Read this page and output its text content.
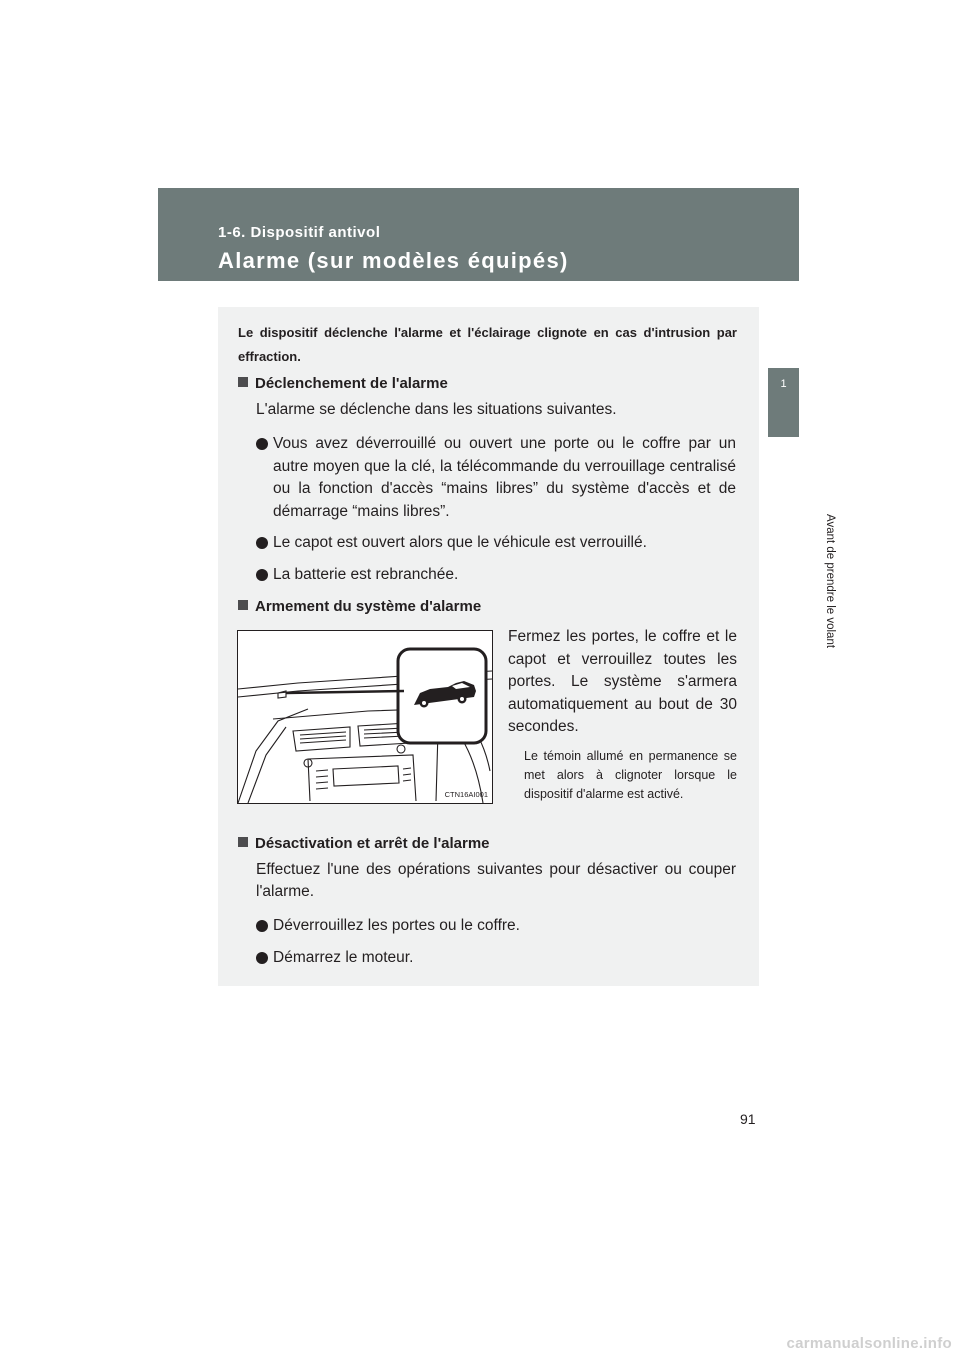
1-6. Dispositif antivol
Alarme (sur modèles équipés)
1
Avant de prendre le volant
Le dispositif déclenche l'alarme et l'éclairage clignote en cas d'intrusion par effraction.
Déclenchement de l'alarme
L'alarme se déclenche dans les situations suivantes.
Vous avez déverrouillé ou ouvert une porte ou le coffre par un autre moyen que la clé, la télécommande du verrouillage centralisé ou la fonction d'accès “mains libres” du système d'accès et de démarrage “mains libres”.
Le capot est ouvert alors que le véhicule est verrouillé.
La batterie est rebranchée.
Armement du système d'alarme
CTN16AI001
Fermez les portes, le coffre et le capot et verrouillez toutes les portes. Le système s'armera automatiquement au bout de 30 secondes.
Le témoin allumé en permanence se met alors à clignoter lorsque le dispositif d'alarme est activé.
Désactivation et arrêt de l'alarme
Effectuez l'une des opérations suivantes pour désactiver ou couper l'alarme.
Déverrouillez les portes ou le coffre.
Démarrez le moteur.
91
carmanualsonline.info
